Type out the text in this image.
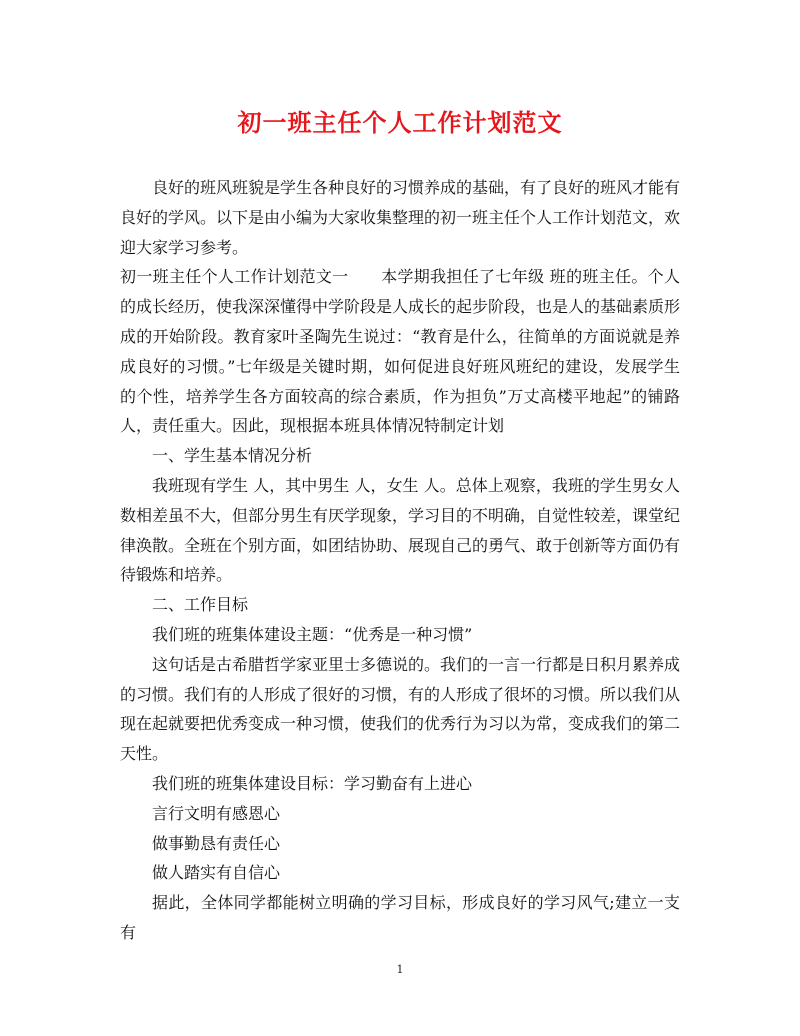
初一班主任个人工作计划范文

良好的班风班貌是学生各种良好的习惯养成的基础，有了良好的班风才能有良好的学风。以下是由小编为大家收集整理的初一班主任个人工作计划范文，欢迎大家学习参考。

初一班主任个人工作计划范文一　　本学期我担任了七年级 班的班主任。个人的成长经历，使我深深懂得中学阶段是人成长的起步阶段，也是人的基础素质形成的开始阶段。教育家叶圣陶先生说过：“教育是什么，往简单的方面说就是养成良好的习惯。”七年级是关键时期，如何促进良好班风班纪的建设，发展学生的个性，培养学生各方面较高的综合素质，作为担负”万丈高楼平地起”的铺路人，责任重大。因此，现根据本班具体情况特制定计划

一、学生基本情况分析

我班现有学生 人，其中男生 人，女生 人。总体上观察，我班的学生男女人数相差虽不大，但部分男生有厌学现象，学习目的不明确，自觉性较差，课堂纪律涣散。全班在个别方面，如团结协助、展现自己的勇气、敢于创新等方面仍有待锻炼和培养。

二、工作目标

我们班的班集体建设主题：“优秀是一种习惯”

这句话是古希腊哲学家亚里士多德说的。我们的一言一行都是日积月累养成的习惯。我们有的人形成了很好的习惯，有的人形成了很坏的习惯。所以我们从现在起就要把优秀变成一种习惯，使我们的优秀行为习以为常，变成我们的第二天性。

我们班的班集体建设目标：学习勤奋有上进心

言行文明有感恩心

做事勤恳有责任心

做人踏实有自信心

据此，全体同学都能树立明确的学习目标，形成良好的学习风气;建立一支有

1
